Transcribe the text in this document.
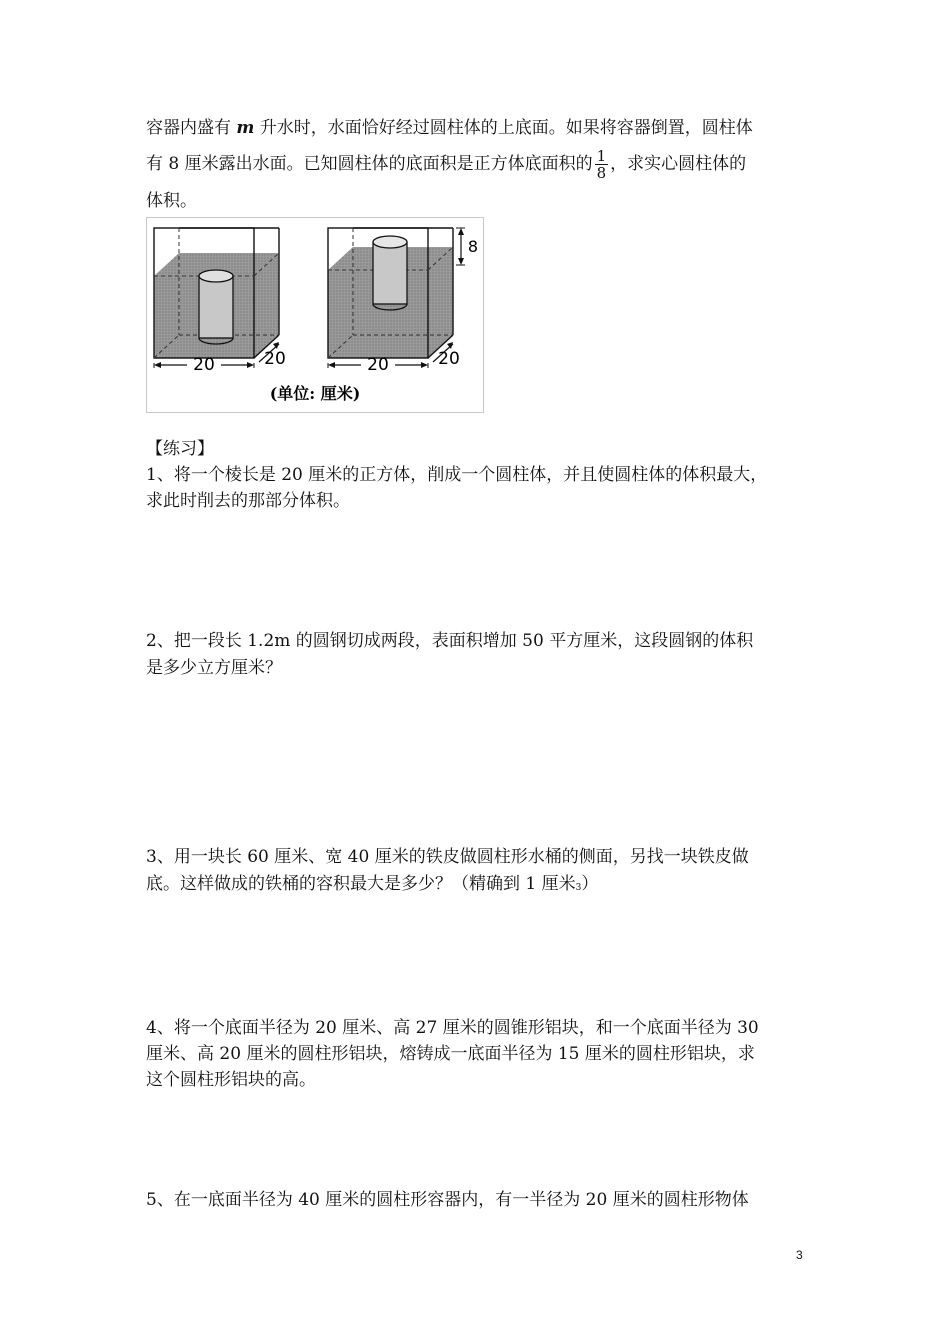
容器内盛有 m 升水时，水面恰好经过圆柱体的上底面。如果将容器倒置，圆柱体
有 8 厘米露出水面。已知圆柱体的底面积是正方体底面积的 $\frac{1}{8}$ ，求实心圆柱体的
体积。
20	20	20	20
8
(单位: 厘米)
【练习】
1、将一个棱长是 20 厘米的正方体，削成一个圆柱体，并且使圆柱体的体积最大，
求此时削去的那部分体积。
2、把一段长 1.2m 的圆钢切成两段，表面积增加 50 平方厘米，这段圆钢的体积
是多少立方厘米？
3、用一块长 60 厘米、宽 40 厘米的铁皮做圆柱形水桶的侧面，另找一块铁皮做
底。这样做成的铁桶的容积最大是多少？（精确到 1 厘米3）
4、将一个底面半径为 20 厘米、高 27 厘米的圆锥形铝块，和一个底面半径为 30
厘米、高 20 厘米的圆柱形铝块，熔铸成一底面半径为 15 厘米的圆柱形铝块，求
这个圆柱形铝块的高。
5、在一底面半径为 40 厘米的圆柱形容器内，有一半径为 20 厘米的圆柱形物体
3
